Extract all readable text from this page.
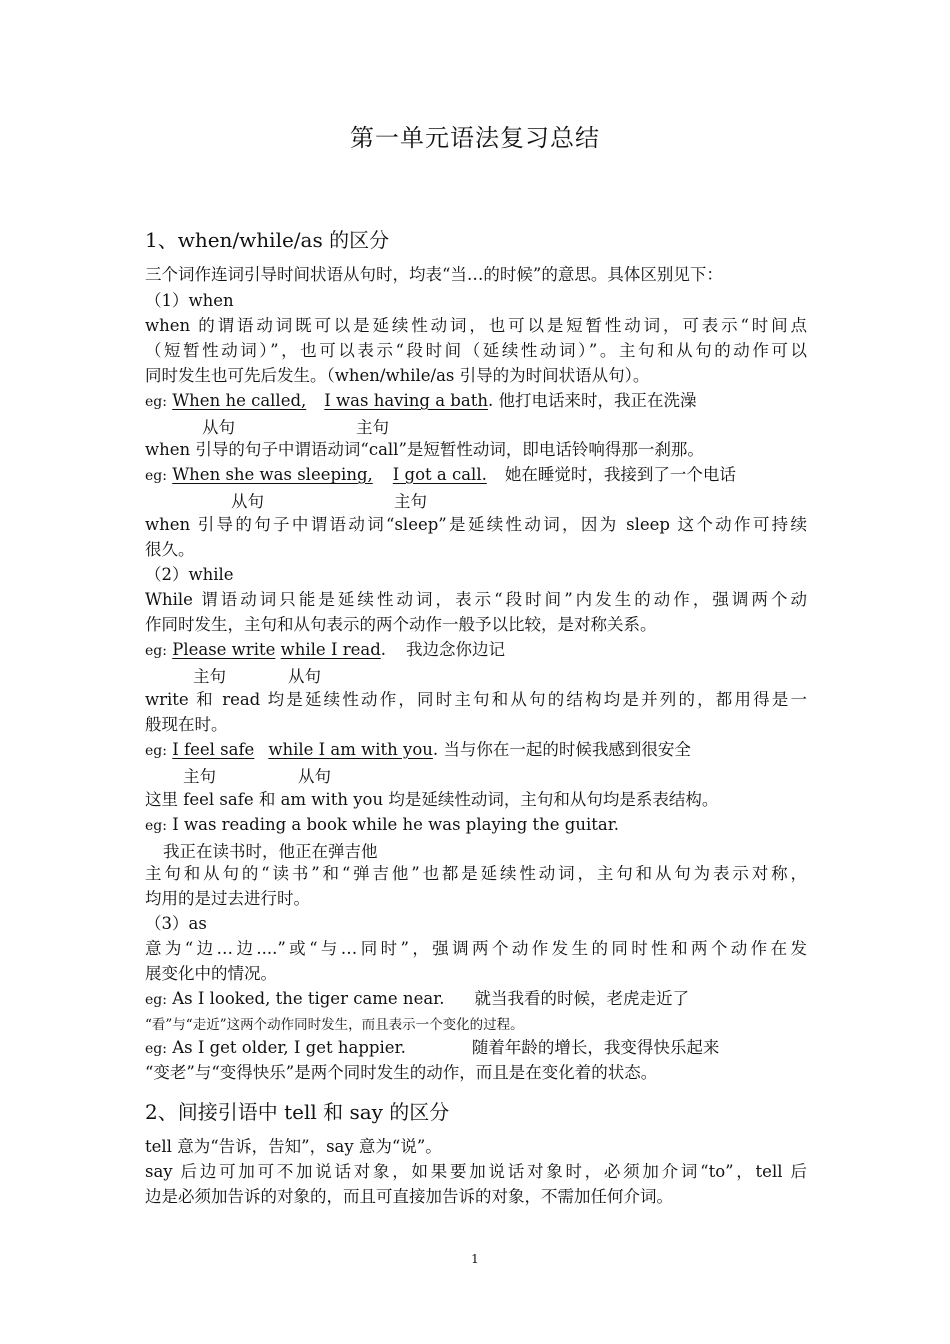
第一单元语法复习总结
1、when/while/as 的区分
三个词作连词引导时间状语从句时，均表“当…的时候”的意思。具体区别见下：
（1）when
when 的谓语动词既可以是延续性动词，也可以是短暂性动词，可表示“时间点
（短暂性动词）”，也可以表示“段时间（延续性动词）”。主句和从句的动作可以
同时发生也可先后发生。（when/while/as 引导的为时间状语从句）。
eg: When he called, I was having a bath. 他打电话来时，我正在洗澡
从句	主句
when 引导的句子中谓语动词“call”是短暂性动词，即电话铃响得那一刹那。
eg: When she was sleeping, I got a call. 她在睡觉时，我接到了一个电话
从句	主句
when 引导的句子中谓语动词“sleep”是延续性动词，因为 sleep 这个动作可持续
很久。
（2）while
While 谓语动词只能是延续性动词，表示“段时间”内发生的动作，强调两个动
作同时发生，主句和从句表示的两个动作一般予以比较，是对称关系。
eg: Please write while I read. 我边念你边记
主句	从句
write 和 read 均是延续性动作，同时主句和从句的结构均是并列的，都用得是一
般现在时。
eg: I feel safe while I am with you. 当与你在一起的时候我感到很安全
主句	从句
这里 feel safe 和 am with you 均是延续性动词，主句和从句均是系表结构。
eg: I was reading a book while he was playing the guitar.
我正在读书时，他正在弹吉他
主句和从句的“读书”和“弹吉他”也都是延续性动词，主句和从句为表示对称，
均用的是过去进行时。
（3）as
意为“边…边....”或“与…同时”，强调两个动作发生的同时性和两个动作在发
展变化中的情况。
eg: As I looked, the tiger came near. 就当我看的时候，老虎走近了
“看”与“走近”这两个动作同时发生，而且表示一个变化的过程。
eg: As I get older, I get happier.	随着年龄的增长，我变得快乐起来
“变老”与“变得快乐”是两个同时发生的动作，而且是在变化着的状态。
2、间接引语中 tell 和 say 的区分
tell 意为“告诉，告知”，say 意为“说”。
say 后边可加可不加说话对象，如果要加说话对象时，必须加介词“to”，tell 后
边是必须加告诉的对象的，而且可直接加告诉的对象，不需加任何介词。
1
